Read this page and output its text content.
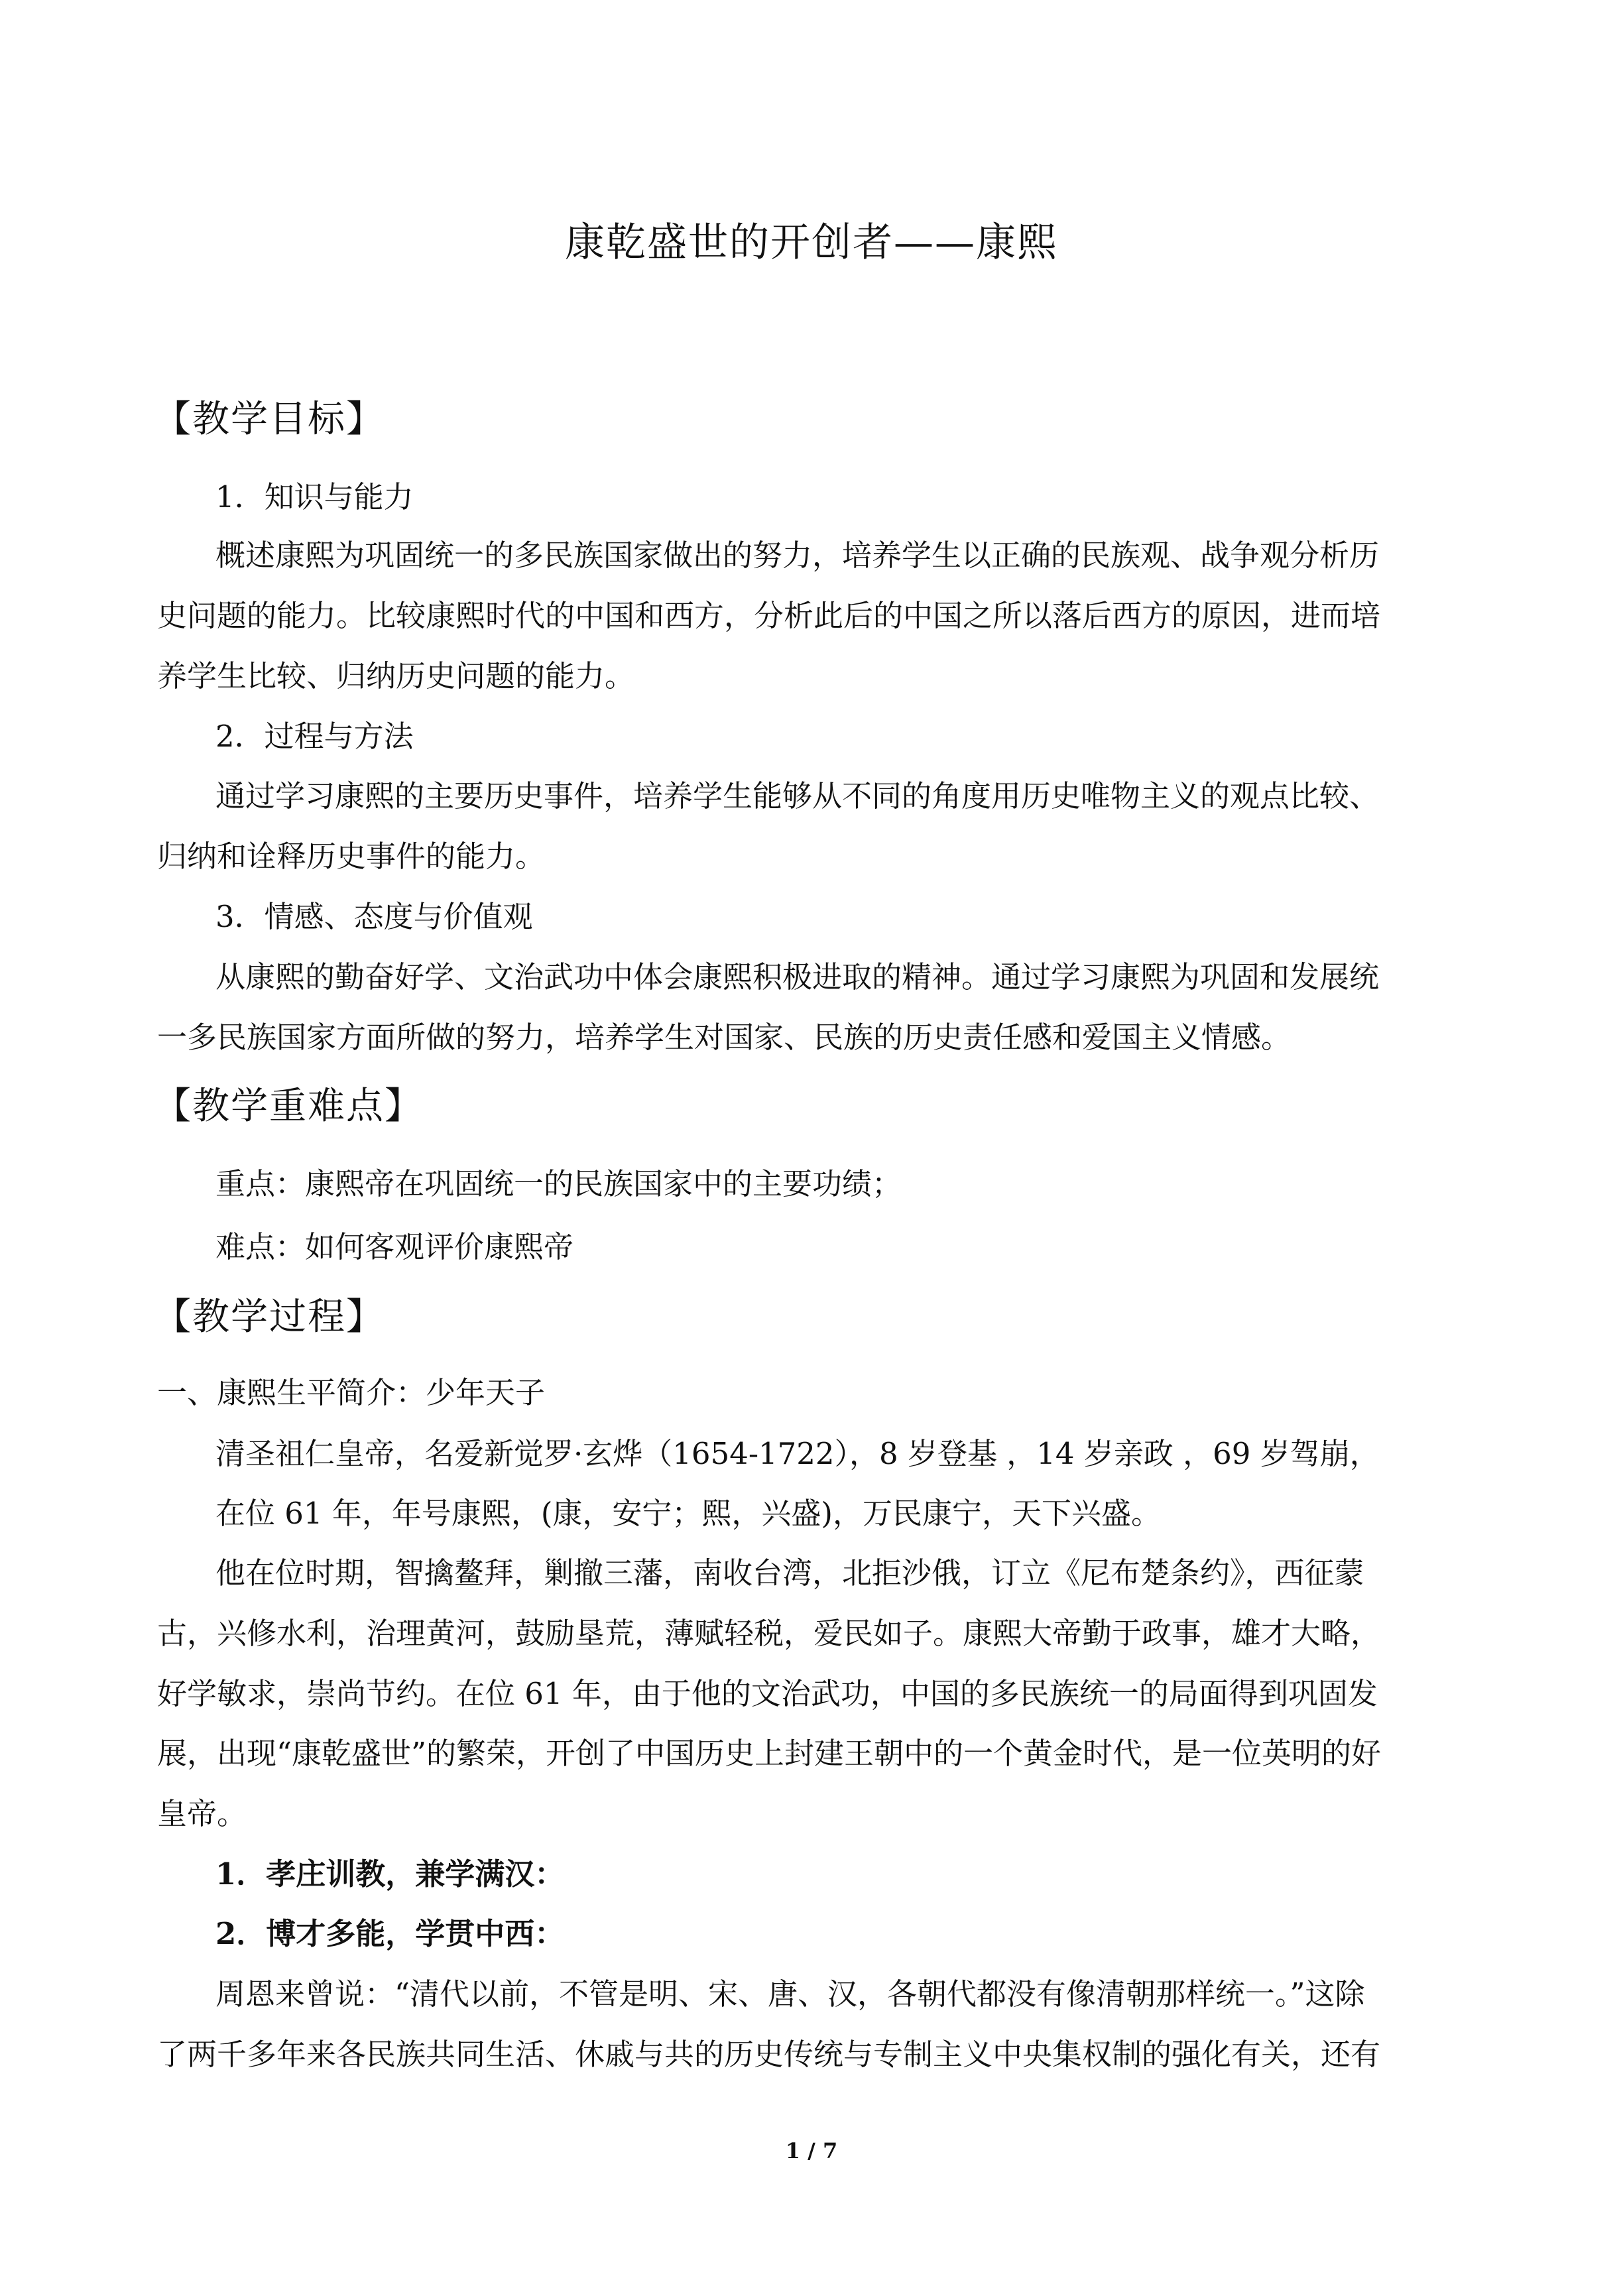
康乾盛世的开创者——康熙
【教学目标】
1．知识与能力
概述康熙为巩固统一的多民族国家做出的努力，培养学生以正确的民族观、战争观分析历
史问题的能力。比较康熙时代的中国和西方，分析此后的中国之所以落后西方的原因，进而培
养学生比较、归纳历史问题的能力。
2．过程与方法
通过学习康熙的主要历史事件，培养学生能够从不同的角度用历史唯物主义的观点比较、
归纳和诠释历史事件的能力。
3．情感、态度与价值观
从康熙的勤奋好学、文治武功中体会康熙积极进取的精神。通过学习康熙为巩固和发展统
一多民族国家方面所做的努力，培养学生对国家、民族的历史责任感和爱国主义情感。
【教学重难点】
重点：康熙帝在巩固统一的民族国家中的主要功绩；
难点：如何客观评价康熙帝
【教学过程】
一、康熙生平简介：少年天子
清圣祖仁皇帝，名爱新觉罗·玄烨（1654-1722），8 岁登基 ，14 岁亲政 ，69 岁驾崩，
在位 61 年，年号康熙，(康，安宁；熙，兴盛)，万民康宁，天下兴盛。
他在位时期，智擒鳌拜，剿撤三藩，南收台湾，北拒沙俄，订立《尼布楚条约》，西征蒙
古，兴修水利，治理黄河，鼓励垦荒，薄赋轻税，爱民如子。康熙大帝勤于政事，雄才大略，
好学敏求，崇尚节约。在位 61 年，由于他的文治武功，中国的多民族统一的局面得到巩固发
展，出现“康乾盛世”的繁荣，开创了中国历史上封建王朝中的一个黄金时代，是一位英明的好
皇帝。
1．孝庄训教，兼学满汉：
2．博才多能，学贯中西：
周恩来曾说：“清代以前，不管是明、宋、唐、汉，各朝代都没有像清朝那样统一。”这除
了两千多年来各民族共同生活、休戚与共的历史传统与专制主义中央集权制的强化有关，还有
1 / 7
